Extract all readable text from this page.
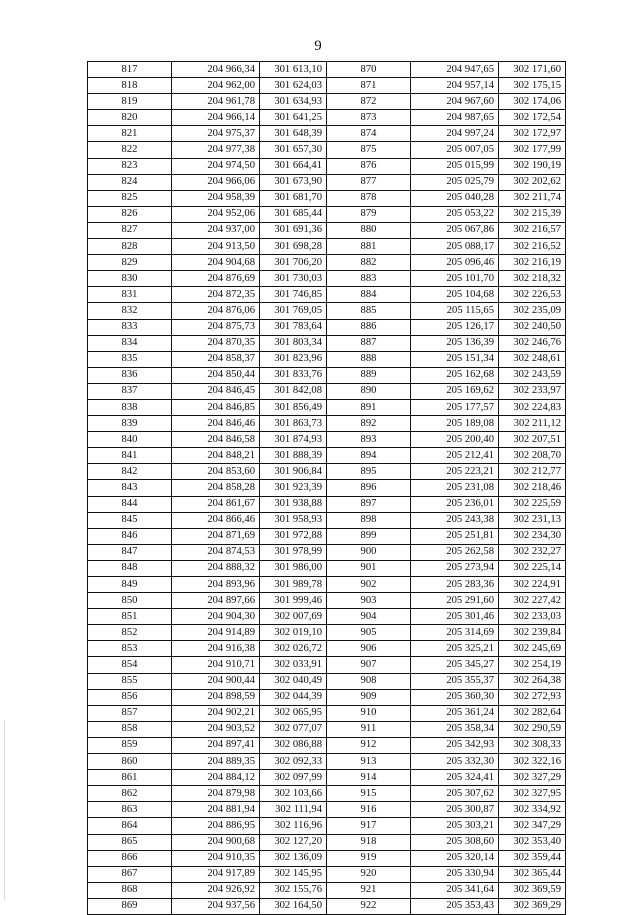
9
817	204 966,34	301 613,10	870	204 947,65	302 171,60
818	204 962,00	301 624,03	871	204 957,14	302 175,15
819	204 961,78	301 634,93	872	204 967,60	302 174,06
820	204 966,14	301 641,25	873	204 987,65	302 172,54
821	204 975,37	301 648,39	874	204 997,24	302 172,97
822	204 977,38	301 657,30	875	205 007,05	302 177,99
823	204 974,50	301 664,41	876	205 015,99	302 190,19
824	204 966,06	301 673,90	877	205 025,79	302 202,62
825	204 958,39	301 681,70	878	205 040,28	302 211,74
826	204 952,06	301 685,44	879	205 053,22	302 215,39
827	204 937,00	301 691,36	880	205 067,86	302 216,57
828	204 913,50	301 698,28	881	205 088,17	302 216,52
829	204 904,68	301 706,20	882	205 096,46	302 216,19
830	204 876,69	301 730,03	883	205 101,70	302 218,32
831	204 872,35	301 746,85	884	205 104,68	302 226,53
832	204 876,06	301 769,05	885	205 115,65	302 235,09
833	204 875,73	301 783,64	886	205 126,17	302 240,50
834	204 870,35	301 803,34	887	205 136,39	302 246,76
835	204 858,37	301 823,96	888	205 151,34	302 248,61
836	204 850,44	301 833,76	889	205 162,68	302 243,59
837	204 846,45	301 842,08	890	205 169,62	302 233,97
838	204 846,85	301 856,49	891	205 177,57	302 224,83
839	204 846,46	301 863,73	892	205 189,08	302 211,12
840	204 846,58	301 874,93	893	205 200,40	302 207,51
841	204 848,21	301 888,39	894	205 212,41	302 208,70
842	204 853,60	301 906,84	895	205 223,21	302 212,77
843	204 858,28	301 923,39	896	205 231,08	302 218,46
844	204 861,67	301 938,88	897	205 236,01	302 225,59
845	204 866,46	301 958,93	898	205 243,38	302 231,13
846	204 871,69	301 972,88	899	205 251,81	302 234,30
847	204 874,53	301 978,99	900	205 262,58	302 232,27
848	204 888,32	301 986,00	901	205 273,94	302 225,14
849	204 893,96	301 989,78	902	205 283,36	302 224,91
850	204 897,66	301 999,46	903	205 291,60	302 227,42
851	204 904,30	302 007,69	904	205 301,46	302 233,03
852	204 914,89	302 019,10	905	205 314,69	302 239,84
853	204 916,38	302 026,72	906	205 325,21	302 245,69
854	204 910,71	302 033,91	907	205 345,27	302 254,19
855	204 900,44	302 040,49	908	205 355,37	302 264,38
856	204 898,59	302 044,39	909	205 360,30	302 272,93
857	204 902,21	302 065,95	910	205 361,24	302 282,64
858	204 903,52	302 077,07	911	205 358,34	302 290,59
859	204 897,41	302 086,88	912	205 342,93	302 308,33
860	204 889,35	302 092,33	913	205 332,30	302 322,16
861	204 884,12	302 097,99	914	205 324,41	302 327,29
862	204 879,98	302 103,66	915	205 307,62	302 327,95
863	204 881,94	302 111,94	916	205 300,87	302 334,92
864	204 886,95	302 116,96	917	205 303,21	302 347,29
865	204 900,68	302 127,20	918	205 308,60	302 353,40
866	204 910,35	302 136,09	919	205 320,14	302 359,44
867	204 917,89	302 145,95	920	205 330,94	302 365,44
868	204 926,92	302 155,76	921	205 341,64	302 369,59
869	204 937,56	302 164,50	922	205 353,43	302 369,29
